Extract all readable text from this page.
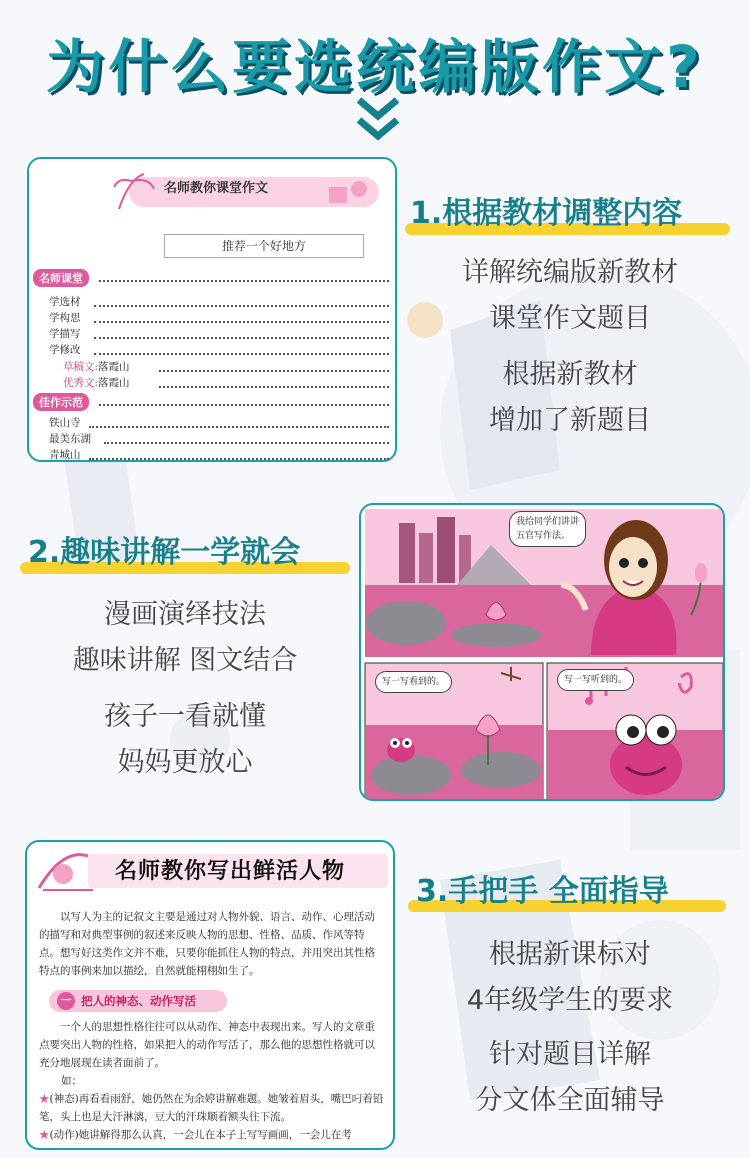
为什么要选统编版作文?
名师教你课堂作文
推荐一个好地方
名师课堂
学选材
学构思
学描写
学修改
草稿文:落霞山
优秀文:落霞山
佳作示范
铁山寺
最美东湖
青城山
1.根据教材调整内容
详解统编版新教材
课堂作文题目
根据新教材
增加了新题目
2.趣味讲解一学就会
漫画演绎技法
趣味讲解 图文结合
孩子一看就懂
妈妈更放心
我给同学们讲讲
五官写作法。
写一写看到的。	写一写听到的。
3.手把手 全面指导
根据新课标对
4年级学生的要求
针对题目详解
分文体全面辅导
名师教你写出鲜活人物
以写人为主的记叙文主要是通过对人物外貌、语言、动作、心理活动的描写和对典型事例的叙述来反映人物的思想、性格、品质、作风等特点。想写好这类作文并不难，只要你能抓住人物的特点，并用突出其性格特点的事例来加以描绘，自然就能栩栩如生了。
一 把人的神态、动作写活
一个人的思想性格往往可以从动作、神态中表现出来。写人的文章重点要突出人物的性格，如果把人的动作写活了，那么他的思想性格就可以充分地展现在读者面前了。
如：
★(神态)再看看雨舒，她仍然在为余婷讲解难题。她皱着眉头，嘴巴叼着铅笔，头上也是大汗淋漓，豆大的汗珠顺着额头往下流。
★(动作)她讲解得那么认真，一会儿在本子上写写画画，一会儿在考
